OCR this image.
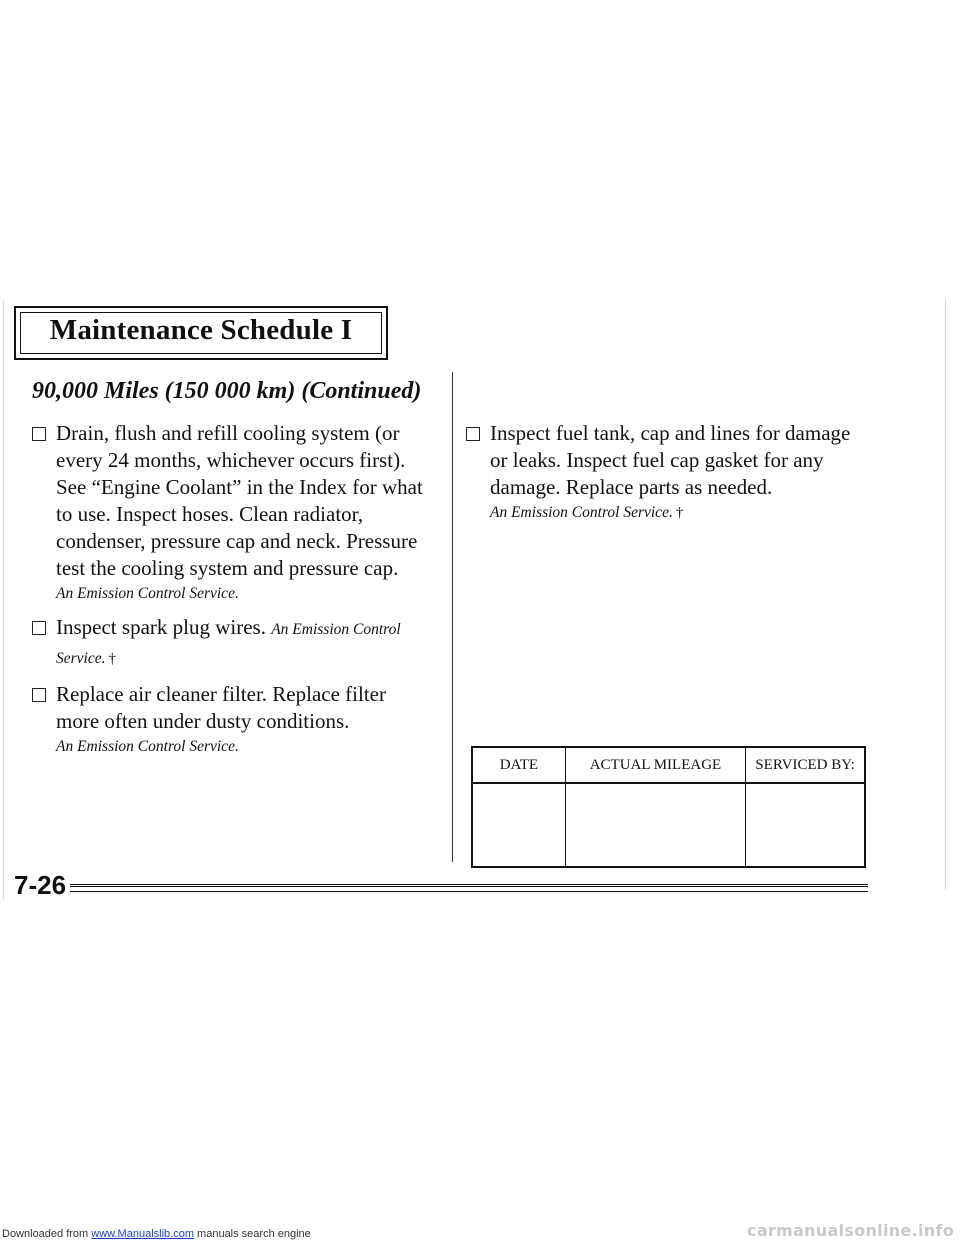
Maintenance Schedule I
90,000 Miles (150 000 km) (Continued)
Drain, flush and refill cooling system (or every 24 months, whichever occurs first). See “Engine Coolant” in the Index for what to use. Inspect hoses. Clean radiator, condenser, pressure cap and neck. Pressure test the cooling system and pressure cap.
An Emission Control Service.
Inspect spark plug wires. An Emission Control Service. †
Replace air cleaner filter. Replace filter more often under dusty conditions.
An Emission Control Service.
Inspect fuel tank, cap and lines for damage or leaks. Inspect fuel cap gasket for any damage. Replace parts as needed.
An Emission Control Service. †
DATE	ACTUAL MILEAGE	SERVICED BY:

7-26
Downloaded from www.Manualslib.com manuals search engine	carmanualsonline.info
